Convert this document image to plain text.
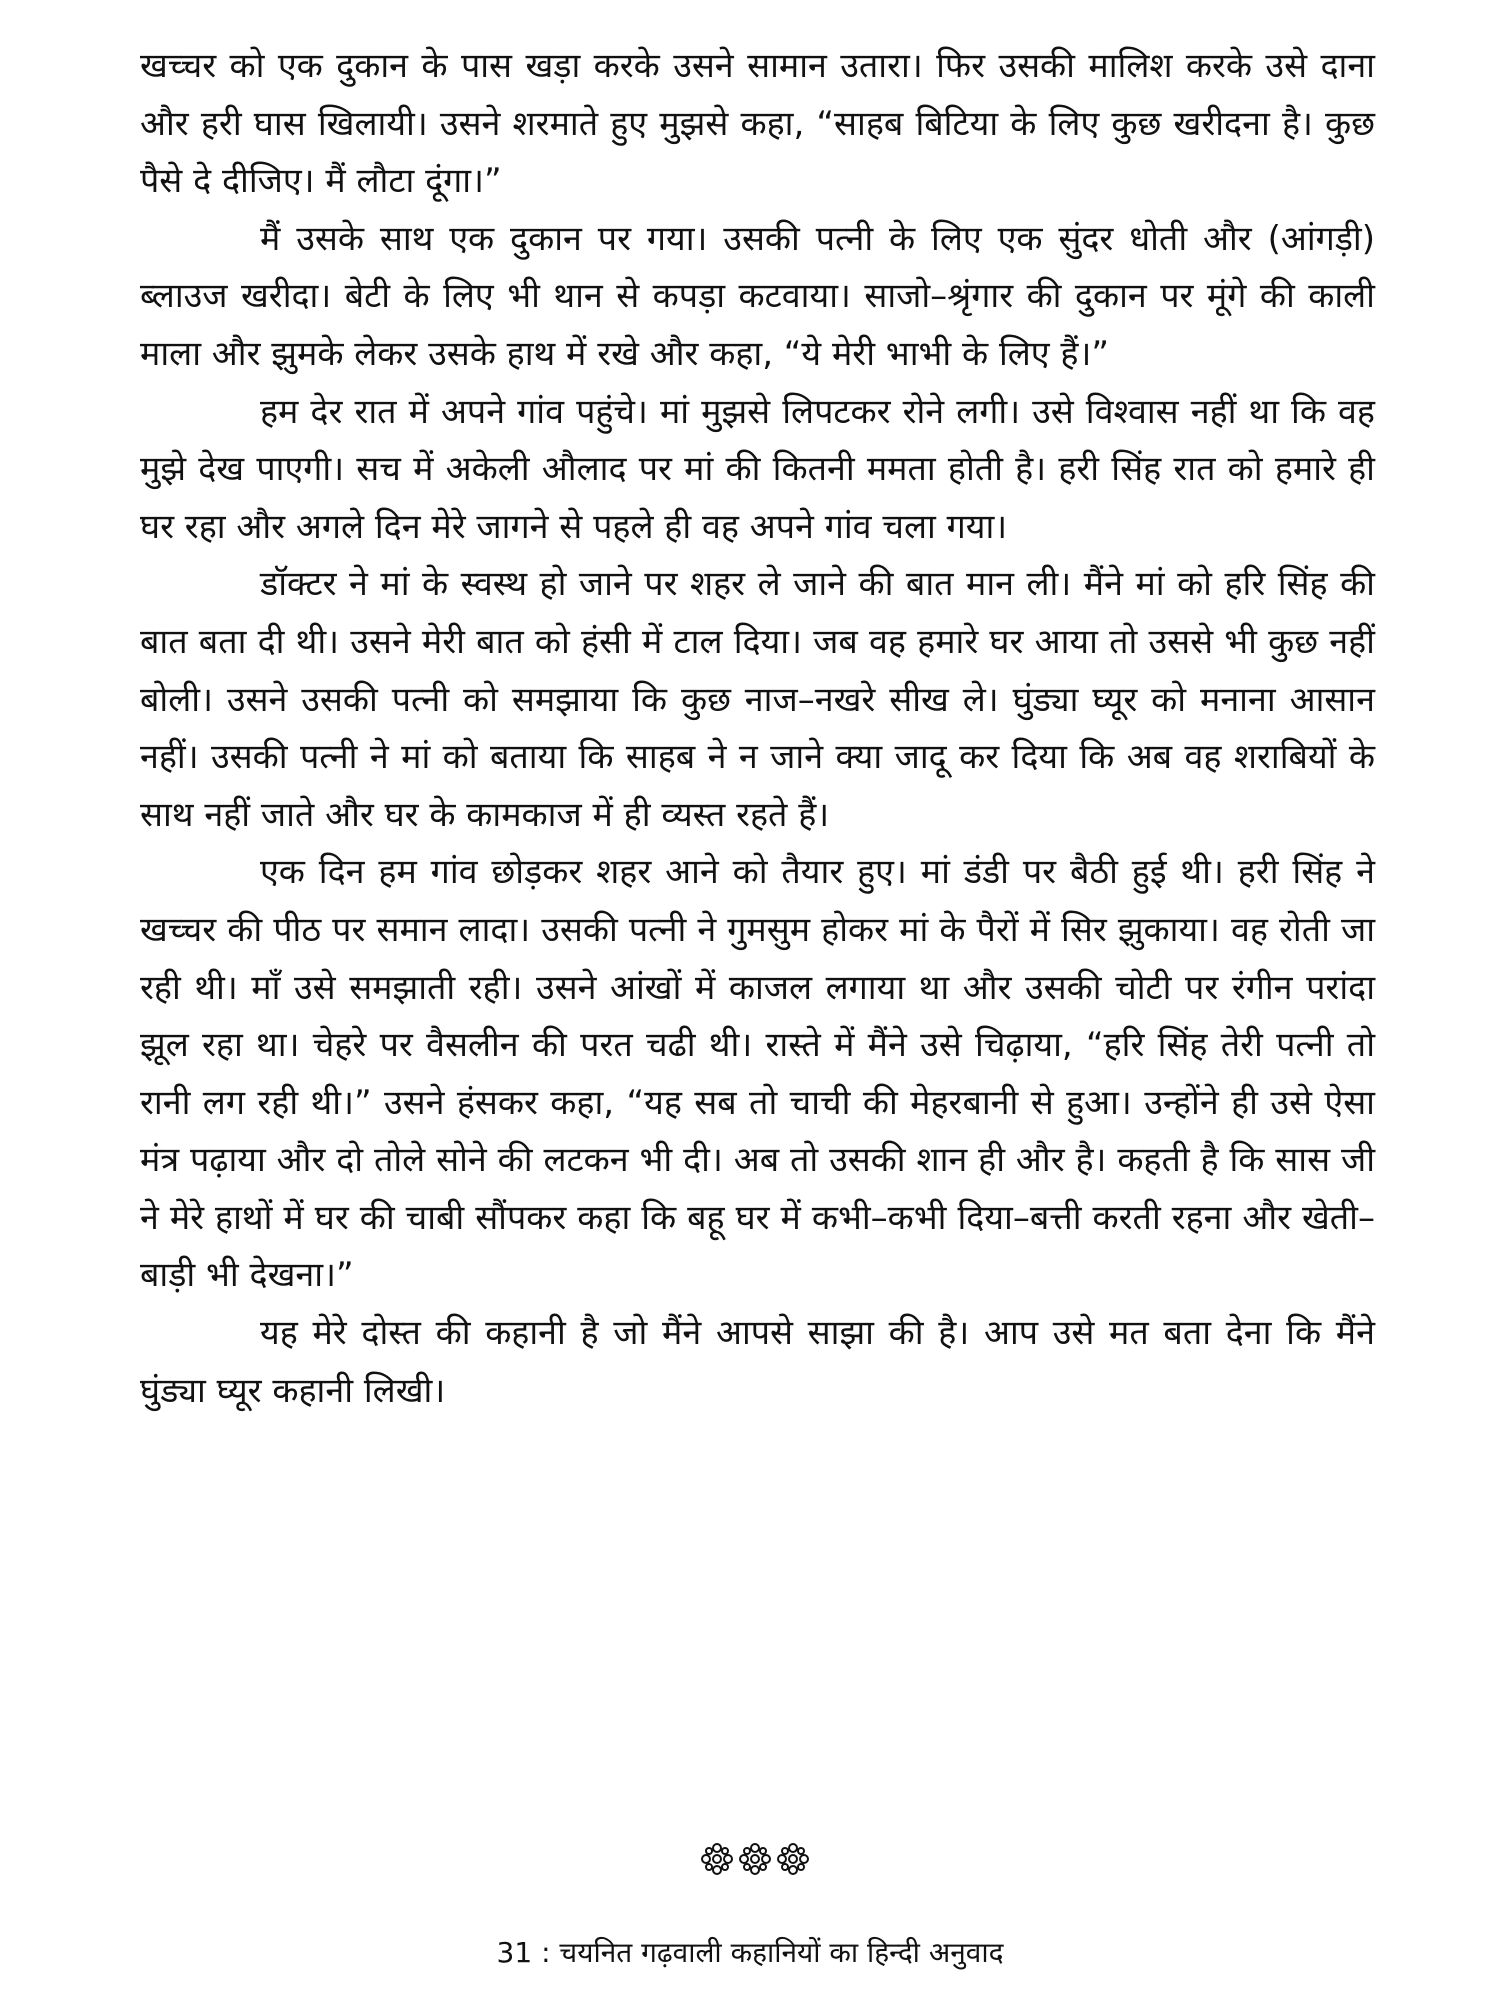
खच्चर को एक दुकान के पास खड़ा करके उसने सामान उतारा। फिर उसकी मालिश करके उसे दाना और हरी घास खिलायी। उसने शरमाते हुए मुझसे कहा, “साहब बिटिया के लिए कुछ खरीदना है। कुछ पैसे दे दीजिए। मैं लौटा दूंगा।”

मैं उसके साथ एक दुकान पर गया। उसकी पत्नी के लिए एक सुंदर धोती और (आंगड़ी) ब्लाउज खरीदा। बेटी के लिए भी थान से कपड़ा कटवाया। साजो–श्रृंगार की दुकान पर मूंगे की काली माला और झुमके लेकर उसके हाथ में रखे और कहा, “ये मेरी भाभी के लिए हैं।”

हम देर रात में अपने गांव पहुंचे। मां मुझसे लिपटकर रोने लगी। उसे विश्वास नहीं था कि वह मुझे देख पाएगी। सच में अकेली औलाद पर मां की कितनी ममता होती है। हरी सिंह रात को हमारे ही घर रहा और अगले दिन मेरे जागने से पहले ही वह अपने गांव चला गया।

डॉक्टर ने मां के स्वस्थ हो जाने पर शहर ले जाने की बात मान ली। मैंने मां को हरि सिंह की बात बता दी थी। उसने मेरी बात को हंसी में टाल दिया। जब वह हमारे घर आया तो उससे भी कुछ नहीं बोली। उसने उसकी पत्नी को समझाया कि कुछ नाज–नखरे सीख ले। घुंड्या घ्यूर को मनाना आसान नहीं। उसकी पत्नी ने मां को बताया कि साहब ने न जाने क्या जादू कर दिया कि अब वह शराबियों के साथ नहीं जाते और घर के कामकाज में ही व्यस्त रहते हैं।

एक दिन हम गांव छोड़कर शहर आने को तैयार हुए। मां डंडी पर बैठी हुई थी। हरी सिंह ने खच्चर की पीठ पर समान लादा। उसकी पत्नी ने गुमसुम होकर मां के पैरों में सिर झुकाया। वह रोती जा रही थी। माँ उसे समझाती रही। उसने आंखों में काजल लगाया था और उसकी चोटी पर रंगीन परांदा झूल रहा था। चेहरे पर वैसलीन की परत चढी थी। रास्ते में मैंने उसे चिढ़ाया, “हरि सिंह तेरी पत्नी तो रानी लग रही थी।” उसने हंसकर कहा, “यह सब तो चाची की मेहरबानी से हुआ। उन्होंने ही उसे ऐसा मंत्र पढ़ाया और दो तोले सोने की लटकन भी दी। अब तो उसकी शान ही और है। कहती है कि सास जी ने मेरे हाथों में घर की चाबी सौंपकर कहा कि बहू घर में कभी–कभी दिया–बत्ती करती रहना और खेती–बाड़ी भी देखना।”

यह मेरे दोस्त की कहानी है जो मैंने आपसे साझा की है। आप उसे मत बता देना कि मैंने घुंड्या घ्यूर कहानी लिखी।

31 : चयनित गढ़वाली कहानियों का हिन्दी अनुवाद
